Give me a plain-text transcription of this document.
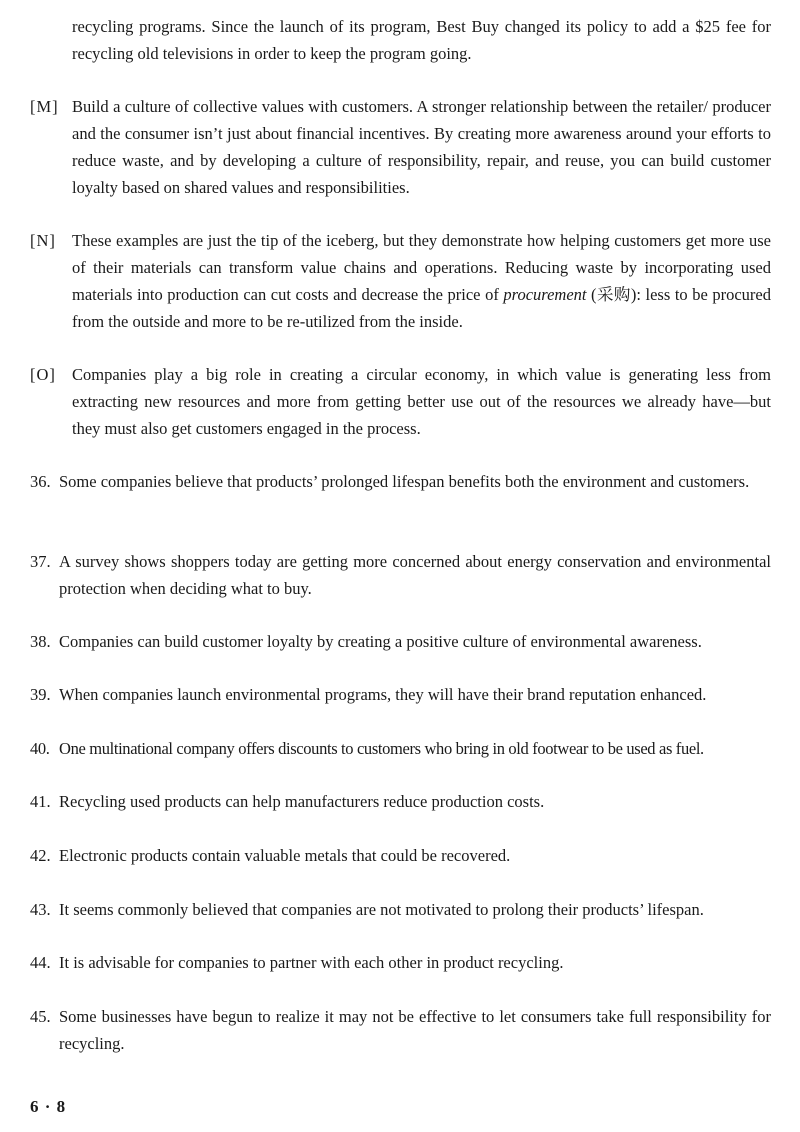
recycling programs. Since the launch of its program, Best Buy changed its policy to add a $25 fee for recycling old televisions in order to keep the program going.
[M] Build a culture of collective values with customers. A stronger relationship between the retailer/ producer and the consumer isn’t just about financial incentives. By creating more awareness around your efforts to reduce waste, and by developing a culture of responsibility, repair, and reuse, you can build customer loyalty based on shared values and responsibilities.
[N] These examples are just the tip of the iceberg, but they demonstrate how helping customers get more use of their materials can transform value chains and operations. Reducing waste by incorporating used materials into production can cut costs and decrease the price of procurement (采购): less to be procured from the outside and more to be re-utilized from the inside.
[O] Companies play a big role in creating a circular economy, in which value is generating less from extracting new resources and more from getting better use out of the resources we already have—but they must also get customers engaged in the process.
36. Some companies believe that products’ prolonged lifespan benefits both the environment and customers.
37. A survey shows shoppers today are getting more concerned about energy conservation and environmental protection when deciding what to buy.
38. Companies can build customer loyalty by creating a positive culture of environmental awareness.
39. When companies launch environmental programs, they will have their brand reputation enhanced.
40. One multinational company offers discounts to customers who bring in old footwear to be used as fuel.
41. Recycling used products can help manufacturers reduce production costs.
42. Electronic products contain valuable metals that could be recovered.
43. It seems commonly believed that companies are not motivated to prolong their products’ lifespan.
44. It is advisable for companies to partner with each other in product recycling.
45. Some businesses have begun to realize it may not be effective to let consumers take full responsibility for recycling.
6 · 8
